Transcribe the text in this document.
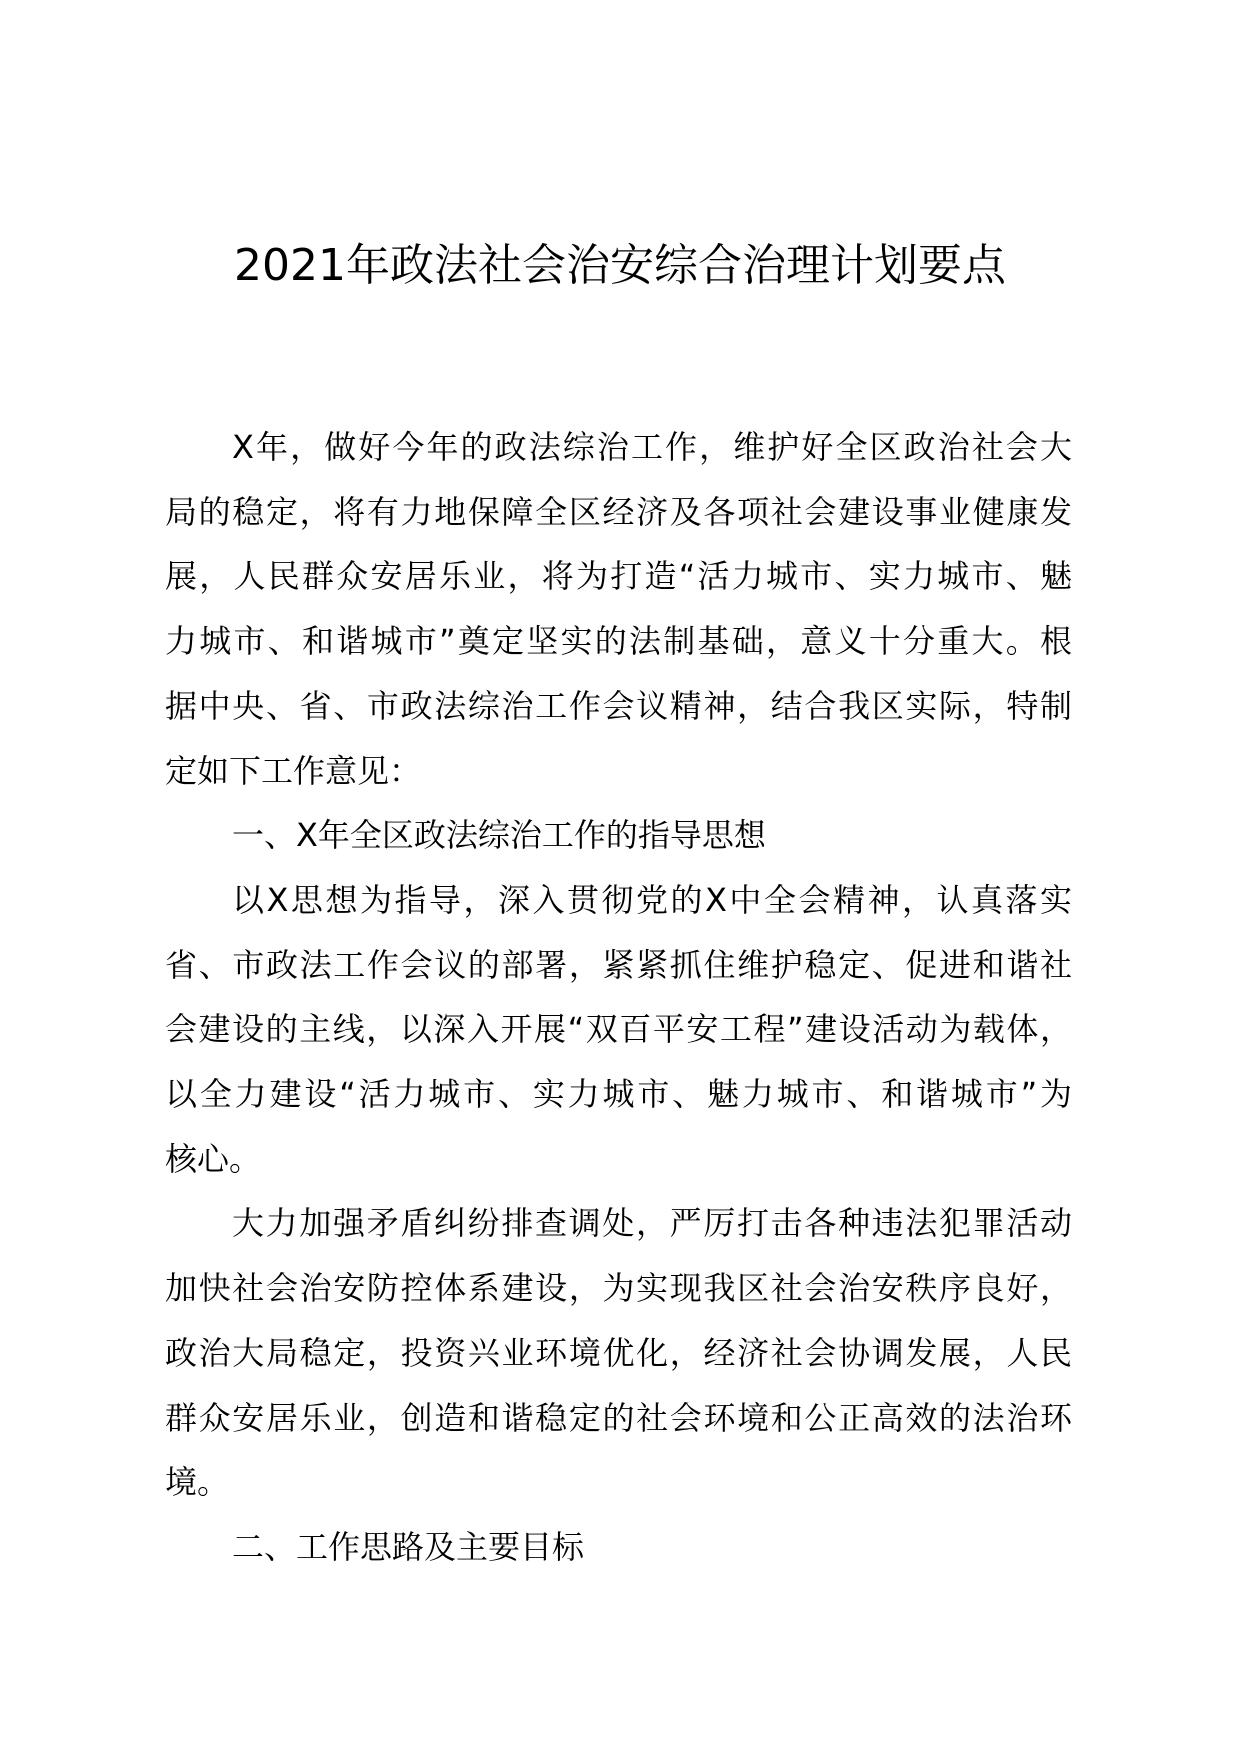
2021年政法社会治安综合治理计划要点
X年，做好今年的政法综治工作，维护好全区政治社会大
局的稳定，将有力地保障全区经济及各项社会建设事业健康发
展，人民群众安居乐业，将为打造“活力城市、实力城市、魅
力城市、和谐城市”奠定坚实的法制基础，意义十分重大。根
据中央、省、市政法综治工作会议精神，结合我区实际，特制
定如下工作意见：
一、X年全区政法综治工作的指导思想
以X思想为指导，深入贯彻党的X中全会精神，认真落实
省、市政法工作会议的部署，紧紧抓住维护稳定、促进和谐社
会建设的主线，以深入开展“双百平安工程”建设活动为载体，
以全力建设“活力城市、实力城市、魅力城市、和谐城市”为
核心。
大力加强矛盾纠纷排查调处，严厉打击各种违法犯罪活动
加快社会治安防控体系建设，为实现我区社会治安秩序良好，
政治大局稳定，投资兴业环境优化，经济社会协调发展，人民
群众安居乐业，创造和谐稳定的社会环境和公正高效的法治环
境。
二、工作思路及主要目标
